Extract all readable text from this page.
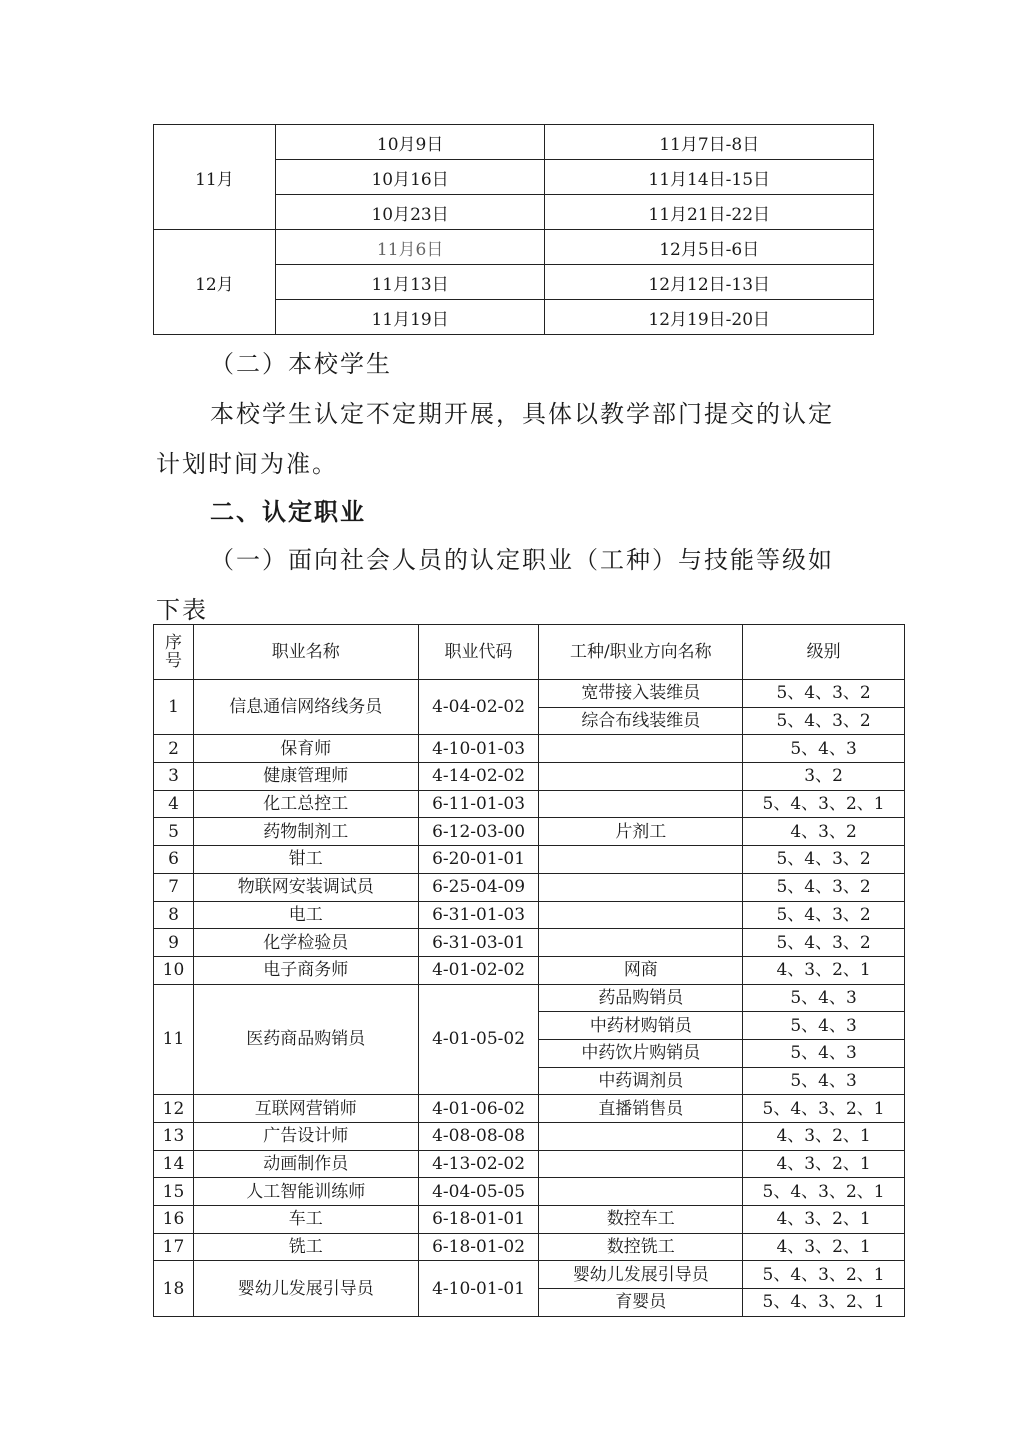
11月	10月9日	11月7日-8日
	10月16日	11月14日-15日
	10月23日	11月21日-22日
12月	11月6日	12月5日-6日
	11月13日	12月12日-13日
	11月19日	12月19日-20日
（二）本校学生
本校学生认定不定期开展，具体以教学部门提交的认定
计划时间为准。
二、认定职业
（一）面向社会人员的认定职业（工种）与技能等级如
下表
序
号	职业名称	职业代码	工种/职业方向名称	级别
1	信息通信网络线务员	4-04-02-02	宽带接入装维员	5、4、3、2
			综合布线装维员	5、4、3、2
2	保育师	4-10-01-03		5、4、3
3	健康管理师	4-14-02-02		3、2
4	化工总控工	6-11-01-03		5、4、3、2、1
5	药物制剂工	6-12-03-00	片剂工	4、3、2
6	钳工	6-20-01-01		5、4、3、2
7	物联网安装调试员	6-25-04-09		5、4、3、2
8	电工	6-31-01-03		5、4、3、2
9	化学检验员	6-31-03-01		5、4、3、2
10	电子商务师	4-01-02-02	网商	4、3、2、1
11	医药商品购销员	4-01-05-02	药品购销员	5、4、3
			中药材购销员	5、4、3
			中药饮片购销员	5、4、3
			中药调剂员	5、4、3
12	互联网营销师	4-01-06-02	直播销售员	5、4、3、2、1
13	广告设计师	4-08-08-08		4、3、2、1
14	动画制作员	4-13-02-02		4、3、2、1
15	人工智能训练师	4-04-05-05		5、4、3、2、1
16	车工	6-18-01-01	数控车工	4、3、2、1
17	铣工	6-18-01-02	数控铣工	4、3、2、1
18	婴幼儿发展引导员	4-10-01-01	婴幼儿发展引导员	5、4、3、2、1
			育婴员	5、4、3、2、1
